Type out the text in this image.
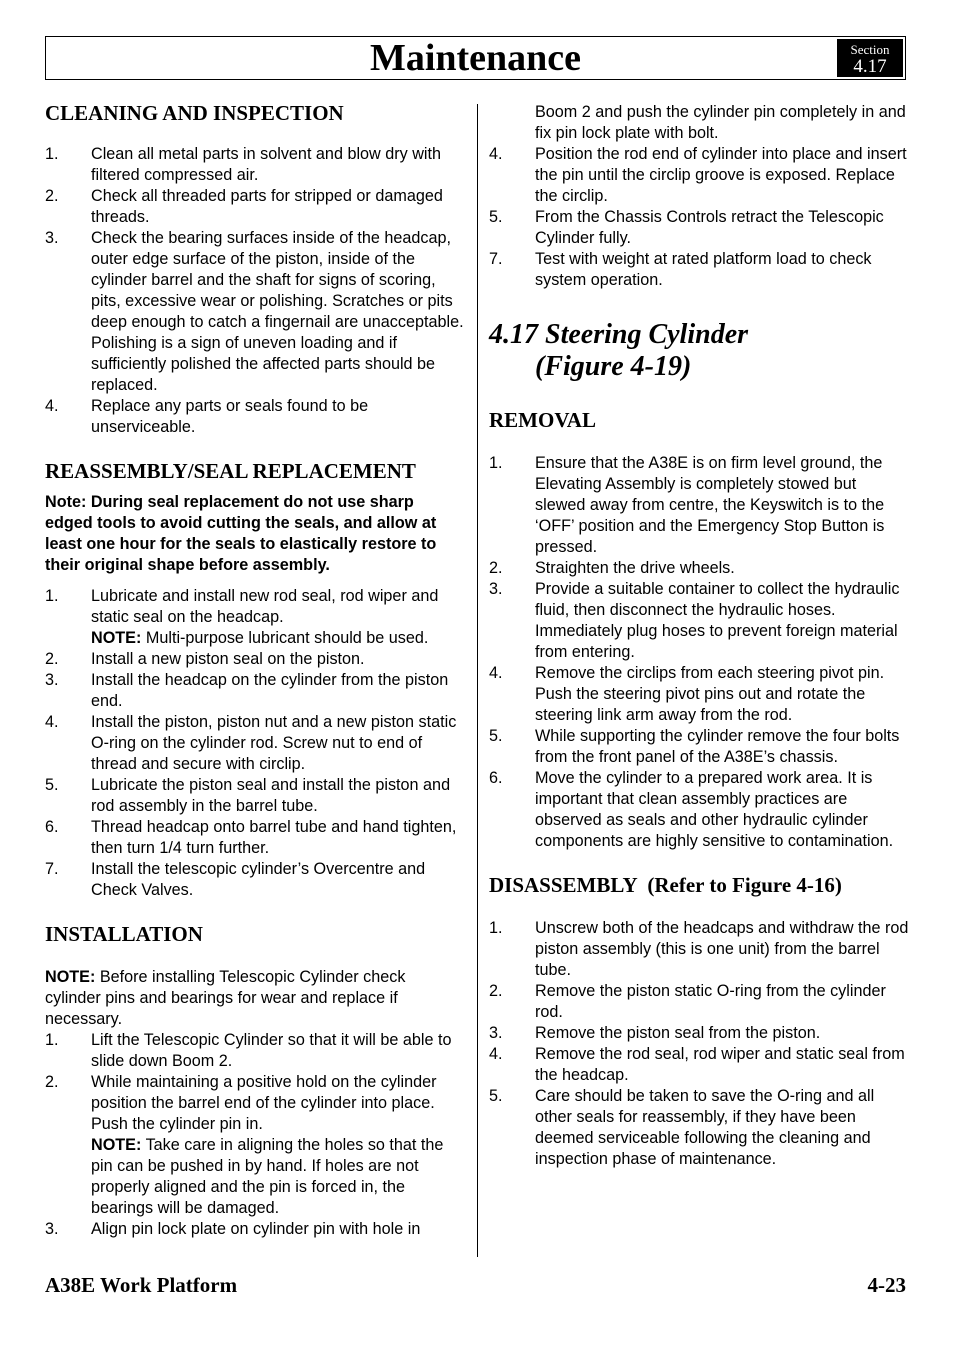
Maintenance	Section
4.17
CLEANING AND INSPECTION
1. Clean all metal parts in solvent and blow dry with filtered compressed air.
2. Check all threaded parts for stripped or damaged threads.
3. Check the bearing surfaces inside of the headcap, outer edge surface of the piston, inside of the cylinder barrel and the shaft for signs of scoring, pits, excessive wear or polishing. Scratches or pits deep enough to catch a fingernail are unacceptable. Polishing is a sign of uneven loading and if sufficiently polished the affected parts should be replaced.
4. Replace any parts or seals found to be unserviceable.
REASSEMBLY/SEAL REPLACEMENT

Note: During seal replacement do not use sharp edged tools to avoid cutting the seals, and allow at least one hour for the seals to elastically restore to their original shape before assembly.

1. Lubricate and install new rod seal, rod wiper and static seal on the headcap.
NOTE: Multi-purpose lubricant should be used.
2. Install a new piston seal on the piston.
3. Install the headcap on the cylinder from the piston end.
4. Install the piston, piston nut and a new piston static O-ring on the cylinder rod. Screw nut to end of thread and secure with circlip.
5. Lubricate the piston seal and install the piston and rod assembly in the barrel tube.
6. Thread headcap onto barrel tube and hand tighten, then turn 1/4 turn further.
7. Install the telescopic cylinder’s Overcentre and Check Valves.
INSTALLATION

NOTE: Before installing Telescopic Cylinder check cylinder pins and bearings for wear and replace if necessary.

1. Lift the Telescopic Cylinder so that it will be able to slide down Boom 2.
2. While maintaining a positive hold on the cylinder position the barrel end of the cylinder into place. Push the cylinder pin in.
NOTE: Take care in aligning the holes so that the pin can be pushed in by hand. If holes are not properly aligned and the pin is forced in, the bearings will be damaged.
3. Align pin lock plate on cylinder pin with hole in
Boom 2 and push the cylinder pin completely in and fix pin lock plate with bolt.
4. Position the rod end of cylinder into place and insert the pin until the circlip groove is exposed. Replace the circlip.
5. From the Chassis Controls retract the Telescopic Cylinder fully.
7. Test with weight at rated platform load to check system operation.
4.17 Steering Cylinder
(Figure 4-19)
REMOVAL
1. Ensure that the A38E is on firm level ground, the Elevating Assembly is completely stowed but slewed away from centre, the Keyswitch is to the ‘OFF’ position and the Emergency Stop Button is pressed.
2. Straighten the drive wheels.
3. Provide a suitable container to collect the hydraulic fluid, then disconnect the hydraulic hoses. Immediately plug hoses to prevent foreign material from entering.
4. Remove the circlips from each steering pivot pin. Push the steering pivot pins out and rotate the steering link arm away from the rod.
5. While supporting the cylinder remove the four bolts from the front panel of the A38E’s chassis.
6. Move the cylinder to a prepared work area. It is important that clean assembly practices are observed as seals and other hydraulic cylinder components are highly sensitive to contamination.
DISASSEMBLY  (Refer to Figure 4-16)
1. Unscrew both of the headcaps and withdraw the rod piston assembly (this is one unit) from the barrel tube.
2. Remove the piston static O-ring from the cylinder rod.
3. Remove the piston seal from the piston.
4. Remove the rod seal, rod wiper and static seal from the headcap.
5. Care should be taken to save the O-ring and all other seals for reassembly, if they have been deemed serviceable following the cleaning and inspection phase of maintenance.
A38E Work Platform	4-23
